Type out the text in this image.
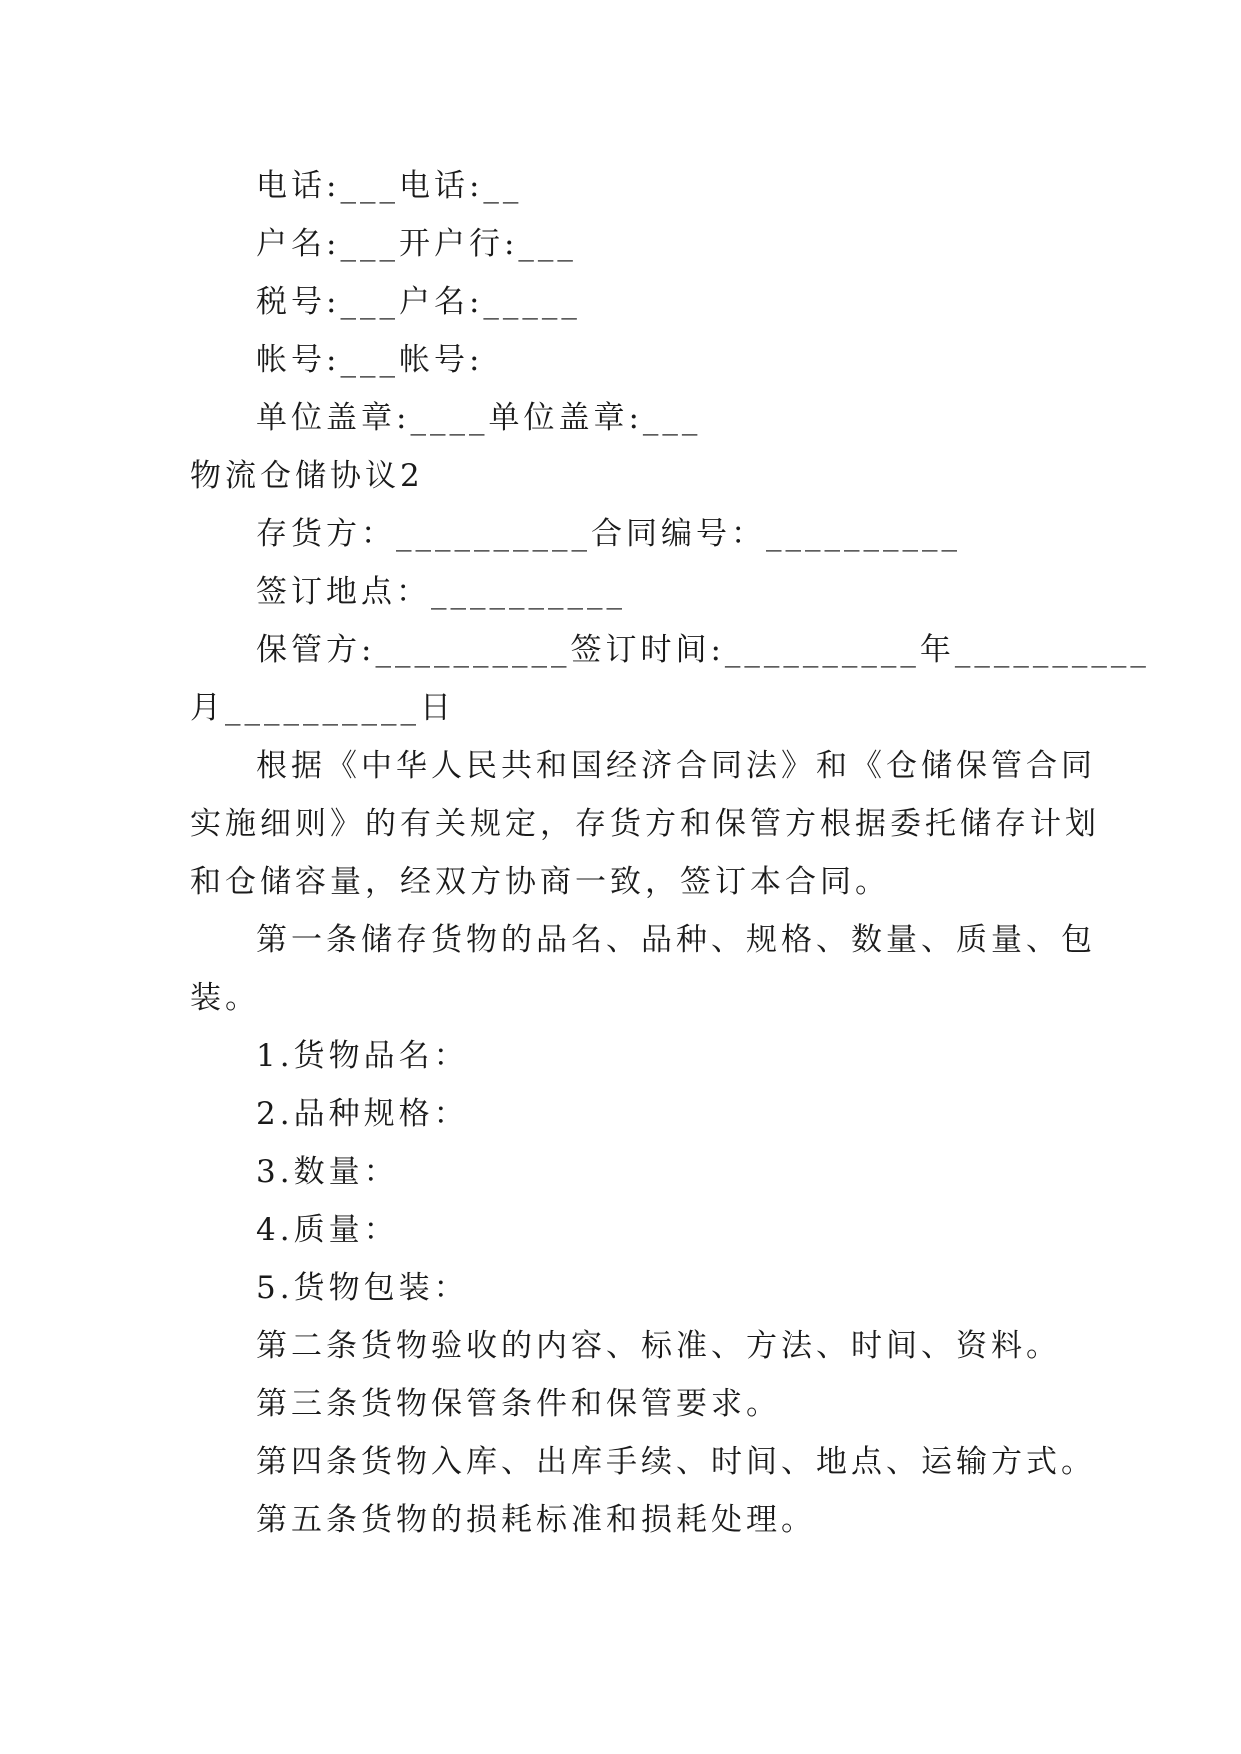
电话:___电话:__
户名:___开户行:___
税号:___户名:_____
帐号:___帐号:
单位盖章:____单位盖章:___
物流仓储协议2
存货方：__________合同编号：__________
签订地点：__________
保管方:__________签订时间:__________年__________
月__________日
根据《中华人民共和国经济合同法》和《仓储保管合同
实施细则》的有关规定，存货方和保管方根据委托储存计划
和仓储容量，经双方协商一致，签订本合同。
第一条储存货物的品名、品种、规格、数量、质量、包
装。
1.货物品名：
2.品种规格：
3.数量：
4.质量：
5.货物包装：
第二条货物验收的内容、标准、方法、时间、资料。
第三条货物保管条件和保管要求。
第四条货物入库、出库手续、时间、地点、运输方式。
第五条货物的损耗标准和损耗处理。
